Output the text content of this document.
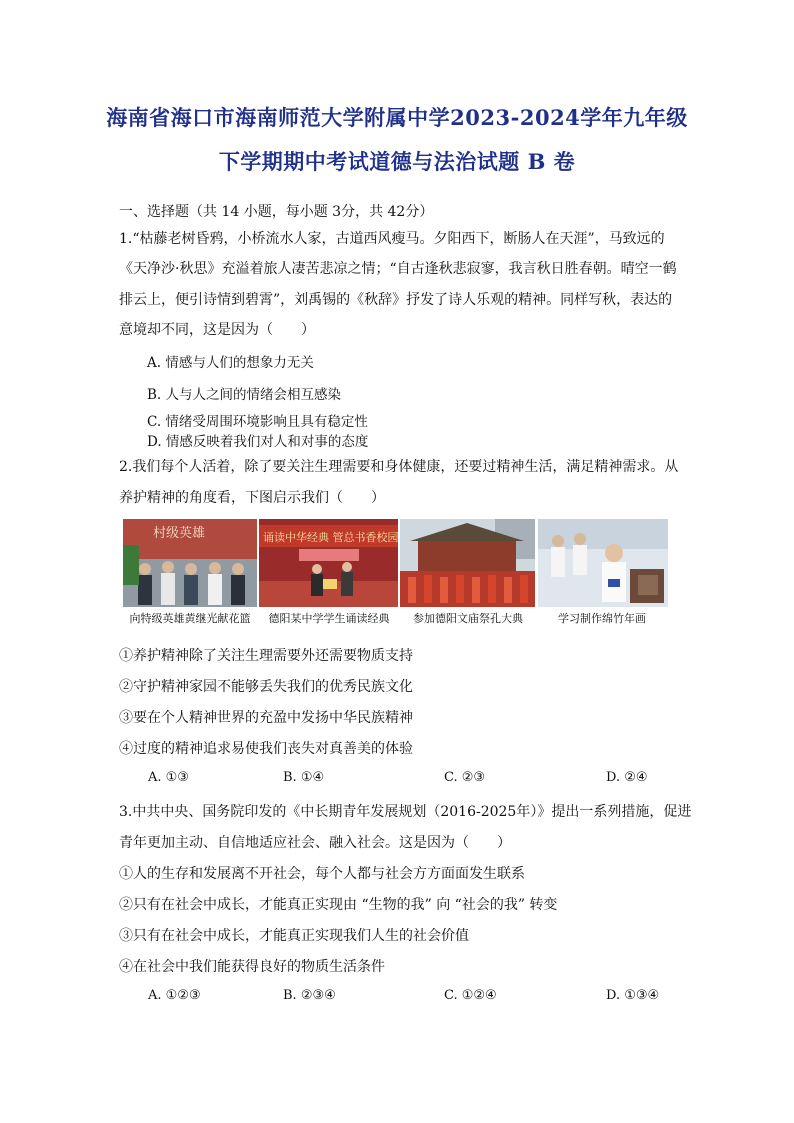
海南省海口市海南师范大学附属中学2023-2024学年九年级
下学期期中考试道德与法治试题 B 卷
一、选择题（共 14 小题，每小题 3分，共 42分）
1.“枯藤老树昏鸦，小桥流水人家，古道西风瘦马。夕阳西下，断肠人在天涯”，马致远的
《天净沙·秋思》充溢着旅人凄苦悲凉之情；“自古逢秋悲寂寥，我言秋日胜春朝。晴空一鹤
排云上，便引诗情到碧霄”，刘禹锡的《秋辞》抒发了诗人乐观的精神。同样写秋，表达的
意境却不同，这是因为（　　）
A. 情感与人们的想象力无关
B. 人与人之间的情绪会相互感染
C. 情绪受周围环境影响且具有稳定性
D. 情感反映着我们对人和对事的态度
2.我们每个人活着，除了要关注生理需要和身体健康，还要过精神生活，满足精神需求。从
养护精神的角度看，下图启示我们（　　）
村级英雄	诵读中华经典 管总书香校园
向特级英雄黄继光献花篮	德阳某中学学生诵读经典	参加德阳文庙祭孔大典	学习制作绵竹年画
①养护精神除了关注生理需要外还需要物质支持
②守护精神家园不能够丢失我们的优秀民族文化
③要在个人精神世界的充盈中发扬中华民族精神
④过度的精神追求易使我们丧失对真善美的体验
A. ①③	B. ①④	C. ②③	D. ②④
3.中共中央、国务院印发的《中长期青年发展规划（2016-2025年）》提出一系列措施，促进
青年更加主动、自信地适应社会、融入社会。这是因为（　　）
①人的生存和发展离不开社会，每个人都与社会方方面面发生联系
②只有在社会中成长，才能真正实现由 “生物的我” 向 “社会的我” 转变
③只有在社会中成长，才能真正实现我们人生的社会价值
④在社会中我们能获得良好的物质生活条件
A. ①②③	B. ②③④	C. ①②④	D. ①③④
